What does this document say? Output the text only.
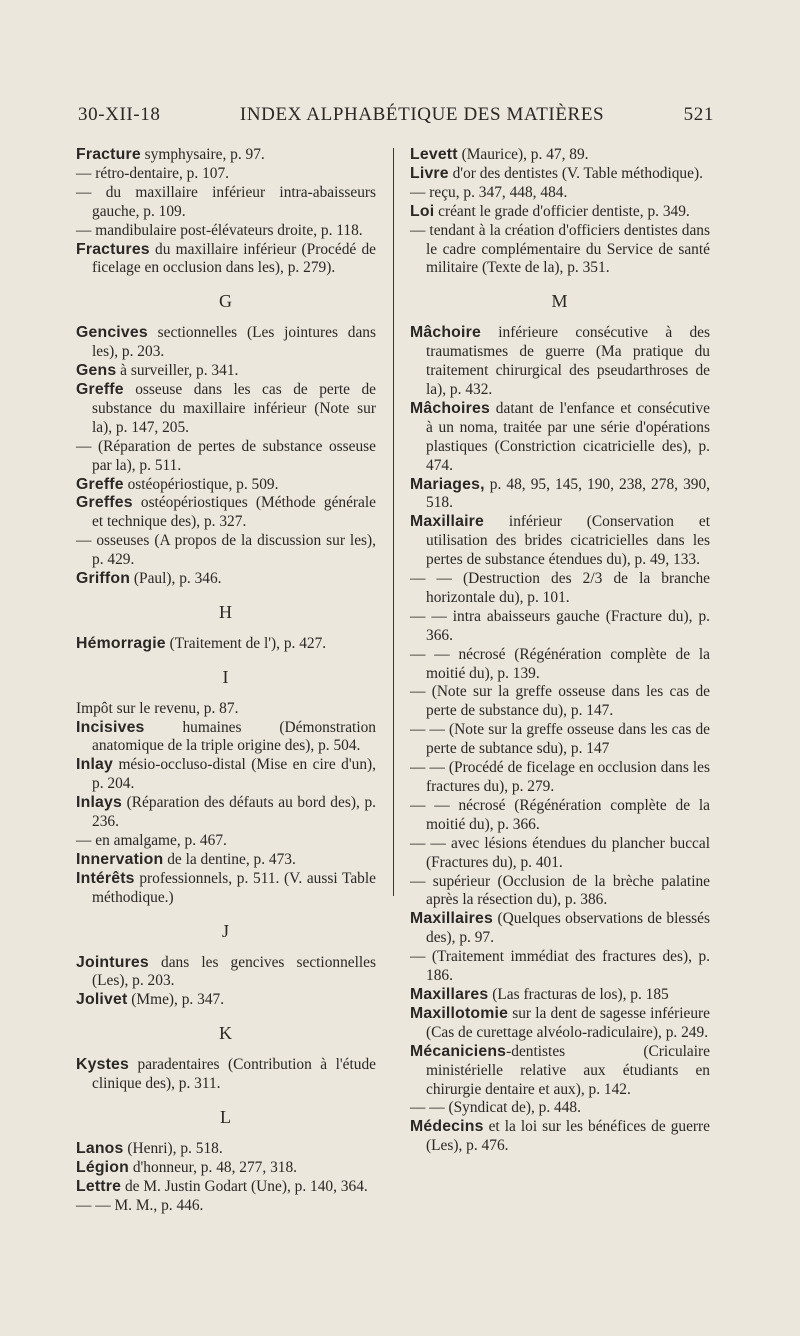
30-XII-18	INDEX ALPHABÉTIQUE DES MATIÈRES	521

Fracture symphysaire, p. 97.

— rétro-dentaire, p. 107.

— du maxillaire inférieur intra-abaisseurs gauche, p. 109.

— mandibulaire post-élévateurs droite, p. 118.

Fractures du maxillaire inférieur (Procédé de ficelage en occlusion dans les), p. 279).

G

Gencives sectionnelles (Les jointures dans les), p. 203.

Gens à surveiller, p. 341.

Greffe osseuse dans les cas de perte de substance du maxillaire inférieur (Note sur la), p. 147, 205.

— (Réparation de pertes de substance osseuse par la), p. 511.

Greffe ostéopériostique, p. 509.

Greffes ostéopériostiques (Méthode générale et technique des), p. 327.

— osseuses (A propos de la discussion sur les), p. 429.

Griffon (Paul), p. 346.

H

Hémorragie (Traitement de l'), p. 427.

I

Impôt sur le revenu, p. 87.

Incisives humaines (Démonstration anatomique de la triple origine des), p. 504.

Inlay mésio-occluso-distal (Mise en cire d'un), p. 204.

Inlays (Réparation des défauts au bord des), p. 236.

— en amalgame, p. 467.

Innervation de la dentine, p. 473.

Intérêts professionnels, p. 511. (V. aussi Table méthodique.)

J

Jointures dans les gencives sectionnelles (Les), p. 203.

Jolivet (Mme), p. 347.

K

Kystes paradentaires (Contribution à l'étude clinique des), p. 311.

L

Lanos (Henri), p. 518.

Légion d'honneur, p. 48, 277, 318.

Lettre de M. Justin Godart (Une), p. 140, 364.

— — M. M., p. 446.

Levett (Maurice), p. 47, 89.

Livre d'or des dentistes (V. Table méthodique).

— reçu, p. 347, 448, 484.

Loi créant le grade d'officier dentiste, p. 349.

— tendant à la création d'officiers dentistes dans le cadre complémentaire du Service de santé militaire (Texte de la), p. 351.

M

Mâchoire inférieure consécutive à des traumatismes de guerre (Ma pratique du traitement chirurgical des pseudarthroses de la), p. 432.

Mâchoires datant de l'enfance et consécutive à un noma, traitée par une série d'opérations plastiques (Constriction cicatricielle des), p. 474.

Mariages, p. 48, 95, 145, 190, 238, 278, 390, 518.

Maxillaire inférieur (Conservation et utilisation des brides cicatricielles dans les pertes de substance étendues du), p. 49, 133.

— — (Destruction des 2/3 de la branche horizontale du), p. 101.

— — intra abaisseurs gauche (Fracture du), p. 366.

— — nécrosé (Régénération complète de la moitié du), p. 139.

— (Note sur la greffe osseuse dans les cas de perte de substance du), p. 147.

— — (Note sur la greffe osseuse dans les cas de perte de subtance sdu), p. 147

— — (Procédé de ficelage en occlusion dans les fractures du), p. 279.

— — nécrosé (Régénération complète de la moitié du), p. 366.

— — avec lésions étendues du plancher buccal (Fractures du), p. 401.

— supérieur (Occlusion de la brèche palatine après la résection du), p. 386.

Maxillaires (Quelques observations de blessés des), p. 97.

— (Traitement immédiat des fractures des), p. 186.

Maxillares (Las fracturas de los), p. 185

Maxillotomie sur la dent de sagesse inférieure (Cas de curettage alvéolo-radiculaire), p. 249.

Mécaniciens-dentistes (Criculaire ministérielle relative aux étudiants en chirurgie dentaire et aux), p. 142.

— — (Syndicat de), p. 448.

Médecins et la loi sur les bénéfices de guerre (Les), p. 476.
